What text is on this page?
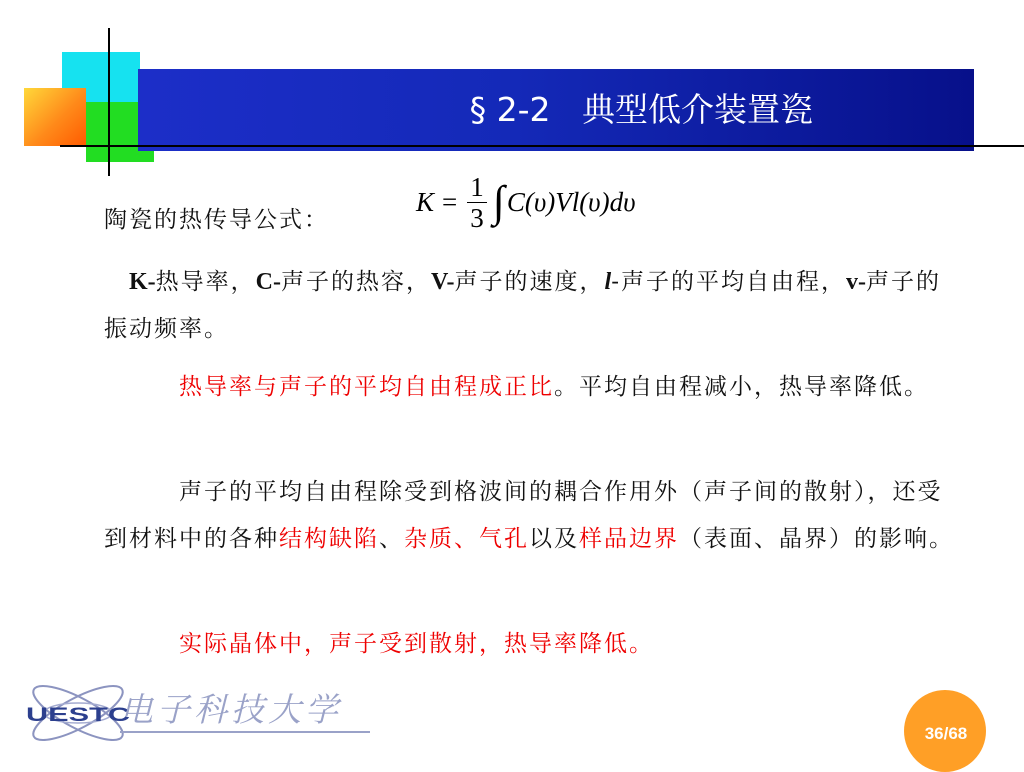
§ 2-2   典型低介装置瓷
$K = \frac{1}{3}$ ∫ C(υ)Vl(υ)dυ
陶瓷的热传导公式：
　K-热导率，C-声子的热容，V-声子的速度，l-声子的平均自由程，v-声子的振动频率。
　　　热导率与声子的平均自由程成正比。平均自由程减小，热导率降低。
　　　声子的平均自由程除受到格波间的耦合作用外（声子间的散射），还受到材料中的各种结构缺陷、杂质、气孔以及样品边界（表面、晶界）的影响。
　　　实际晶体中，声子受到散射，热导率降低。
UESTC
电子科技大学
36/68
